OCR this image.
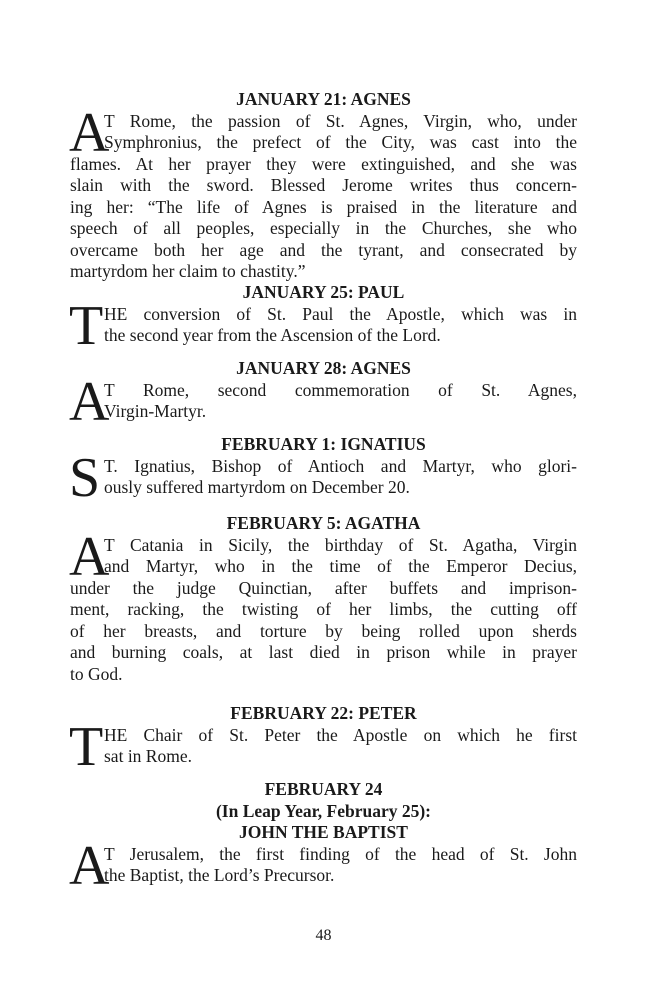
JANUARY 21: AGNES
A
T Rome, the passion of St. Agnes, Virgin, who, under
Symphronius, the prefect of the City, was cast into the
flames. At her prayer they were extinguished, and she was
slain with the sword. Blessed Jerome writes thus concern-
ing her: “The life of Agnes is praised in the literature and
speech of all peoples, especially in the Churches, she who
overcame both her age and the tyrant, and consecrated by
martyrdom her claim to chastity.”
JANUARY 25: PAUL
T HE conversion of St. Paul the Apostle, which was in
the second year from the Ascension of the Lord.
JANUARY 28: AGNES
A
T Rome, second commemoration of St. Agnes,
Virgin-Martyr.
FEBRUARY 1: IGNATIUS
S T. Ignatius, Bishop of Antioch and Martyr, who glori-
ously suffered martyrdom on December 20.
FEBRUARY 5: AGATHA
A
T Catania in Sicily, the birthday of St. Agatha, Virgin
and Martyr, who in the time of the Emperor Decius,
under the judge Quinctian, after buffets and imprison-
ment, racking, the twisting of her limbs, the cutting off
of her breasts, and torture by being rolled upon sherds
and burning coals, at last died in prison while in prayer
to God.
FEBRUARY 22: PETER
T HE Chair of St. Peter the Apostle on which he first
sat in Rome.
FEBRUARY 24
(In Leap Year, February 25):
JOHN THE BAPTIST
A
T Jerusalem, the first finding of the head of St. John
the Baptist, the Lord’s Precursor.
48
